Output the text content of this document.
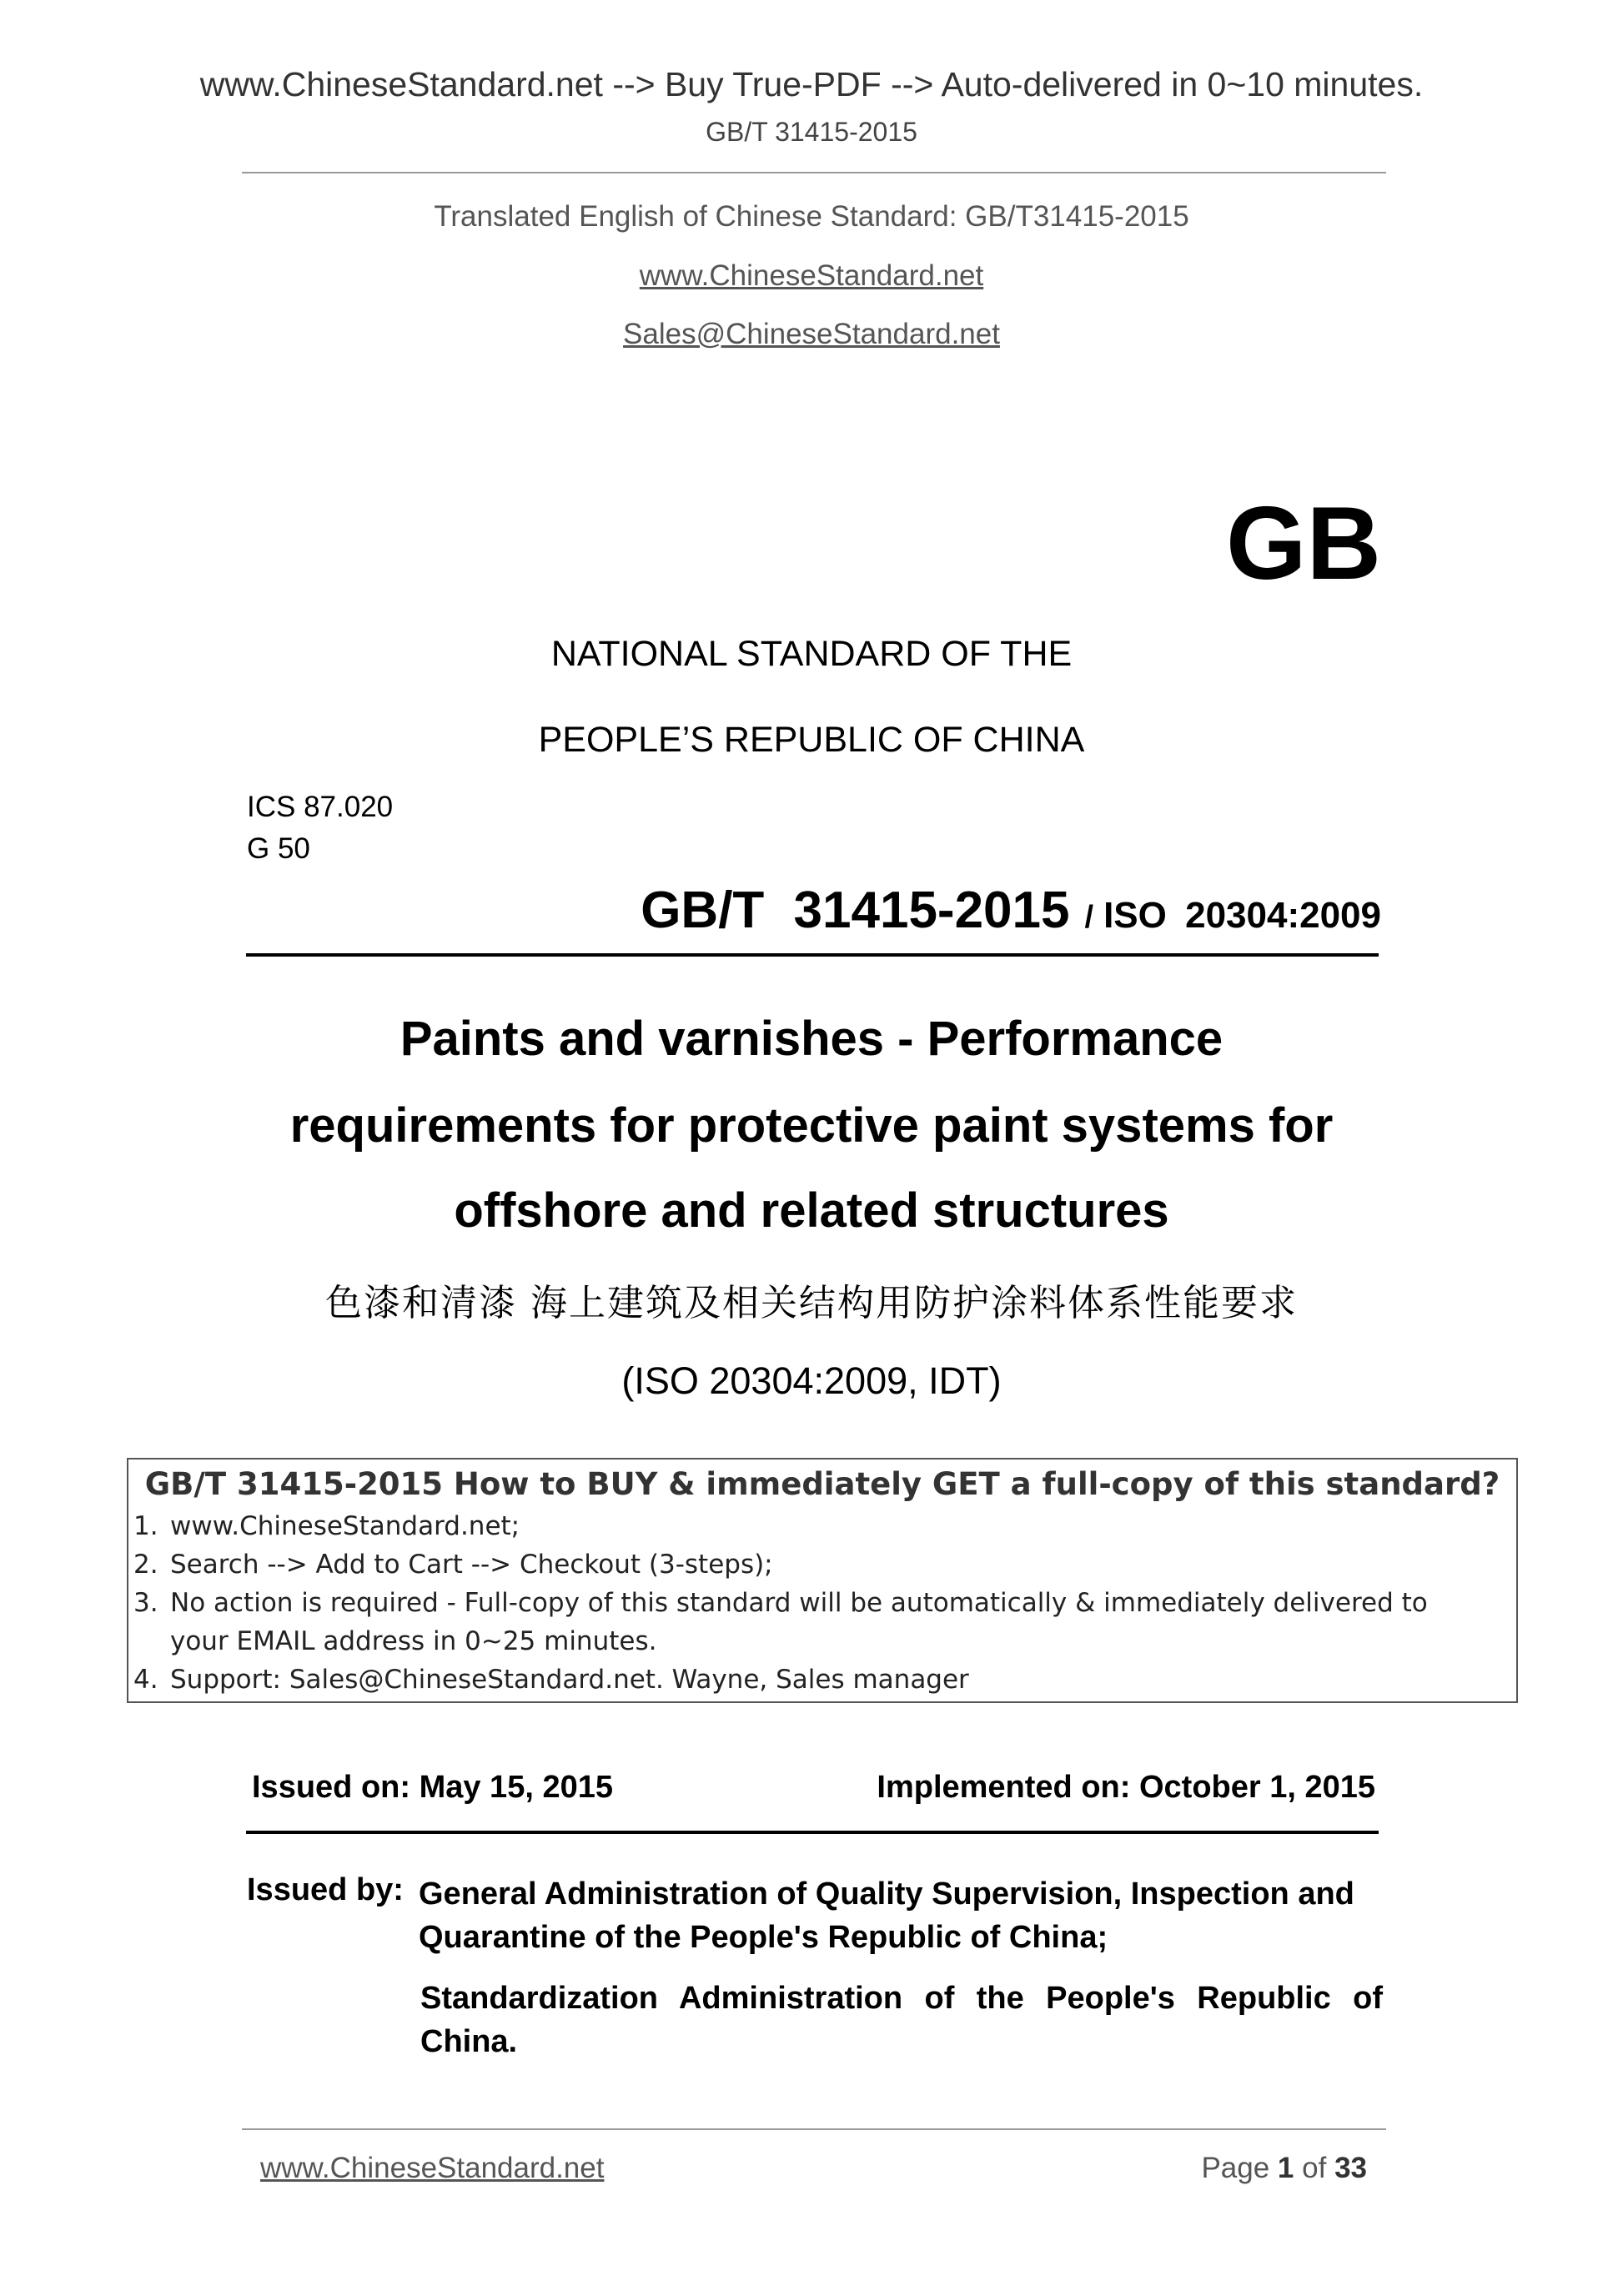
www.ChineseStandard.net --> Buy True-PDF --> Auto-delivered in 0~10 minutes.
GB/T 31415-2015
Translated English of Chinese Standard: GB/T31415-2015
www.ChineseStandard.net
Sales@ChineseStandard.net
GB
NATIONAL STANDARD OF THE
PEOPLE’S REPUBLIC OF CHINA
ICS 87.020
G 50
GB/T 31415-2015 / ISO 20304:2009
Paints and varnishes - Performance
requirements for protective paint systems for
offshore and related structures
色漆和清漆 海上建筑及相关结构用防护涂料体系性能要求
(ISO 20304:2009, IDT)
GB/T 31415-2015 How to BUY & immediately GET a full-copy of this standard?
1. www.ChineseStandard.net;
2. Search --> Add to Cart --> Checkout (3-steps);
3. No action is required - Full-copy of this standard will be automatically & immediately delivered to
your EMAIL address in 0~25 minutes.
4. Support: Sales@ChineseStandard.net. Wayne, Sales manager
Issued on: May 15, 2015	Implemented on: October 1, 2015
Issued by: General Administration of Quality Supervision, Inspection and Quarantine of the People's Republic of China;
Standardization Administration of the People's Republic of China.
www.ChineseStandard.net	Page 1 of 33
